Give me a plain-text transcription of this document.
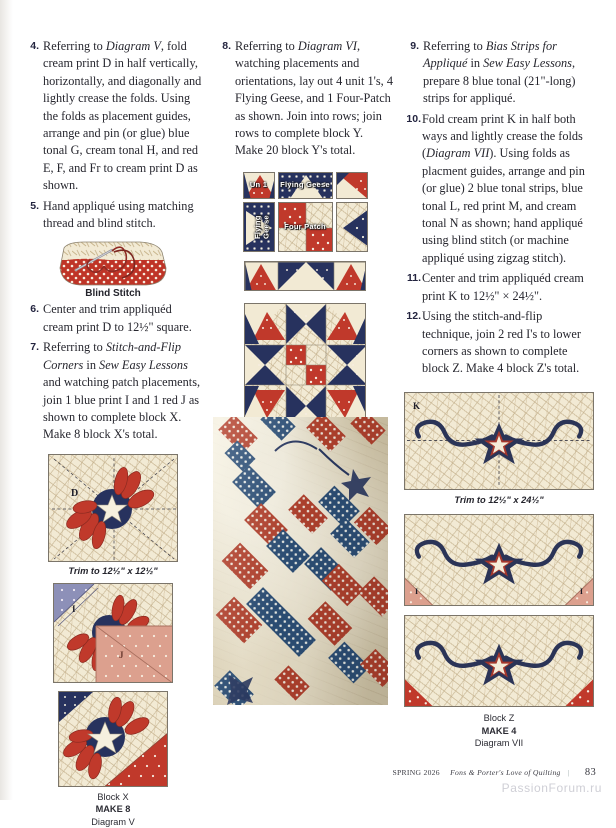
4. Referring to Diagram V, fold cream print D in half vertically, horizontally, and diagonally and lightly crease the folds. Using the folds as placement guides, arrange and pin (or glue) blue tonal G, cream tonal H, and red E, F, and Fr to cream print D as shown.
5. Hand appliqué using matching thread and blind stitch.
Blind Stitch
6. Center and trim appliquéd cream print D to 12½" square.
7. Referring to Stitch-and-Flip Corners in Sew Easy Lessons and watching patch placements, join 1 blue print I and 1 red J as shown to complete block X. Make 8 block X's total.
D
Trim to 12½" x 12½"
I
J
Block X
MAKE 8
Diagram V
8. Referring to Diagram VI, watching placements and orientations, lay out 4 unit 1's, 4 Flying Geese, and 1 Four-Patch as shown. Join into rows; join rows to complete block Y. Make 20 block Y's total.
Un 1	Flying Geese
Flying Geese	Four Patch
9. Referring to Bias Strips for Appliqué in Sew Easy Lessons, prepare 8 blue tonal (21"-long) strips for appliqué.
10. Fold cream print K in half both ways and lightly crease the folds (Diagram VII). Using folds as placment guides, arrange and pin (or glue) 2 blue tonal strips, blue tonal L, red print M, and cream tonal N as shown; hand appliqué using blind stitch (or machine appliqué using zigzag stitch).
11. Center and trim appliquéd cream print K to 12½" × 24½".
12. Using the stitch-and-flip technique, join 2 red I's to lower corners as shown to complete block Z. Make 4 block Z's total.
K
Trim to 12½" x 24½"
I	I
Block Z
MAKE 4
Diagram VII
SPRING 2026 Fons & Porter's Love of Quilting | 83
PassionForum.ru
